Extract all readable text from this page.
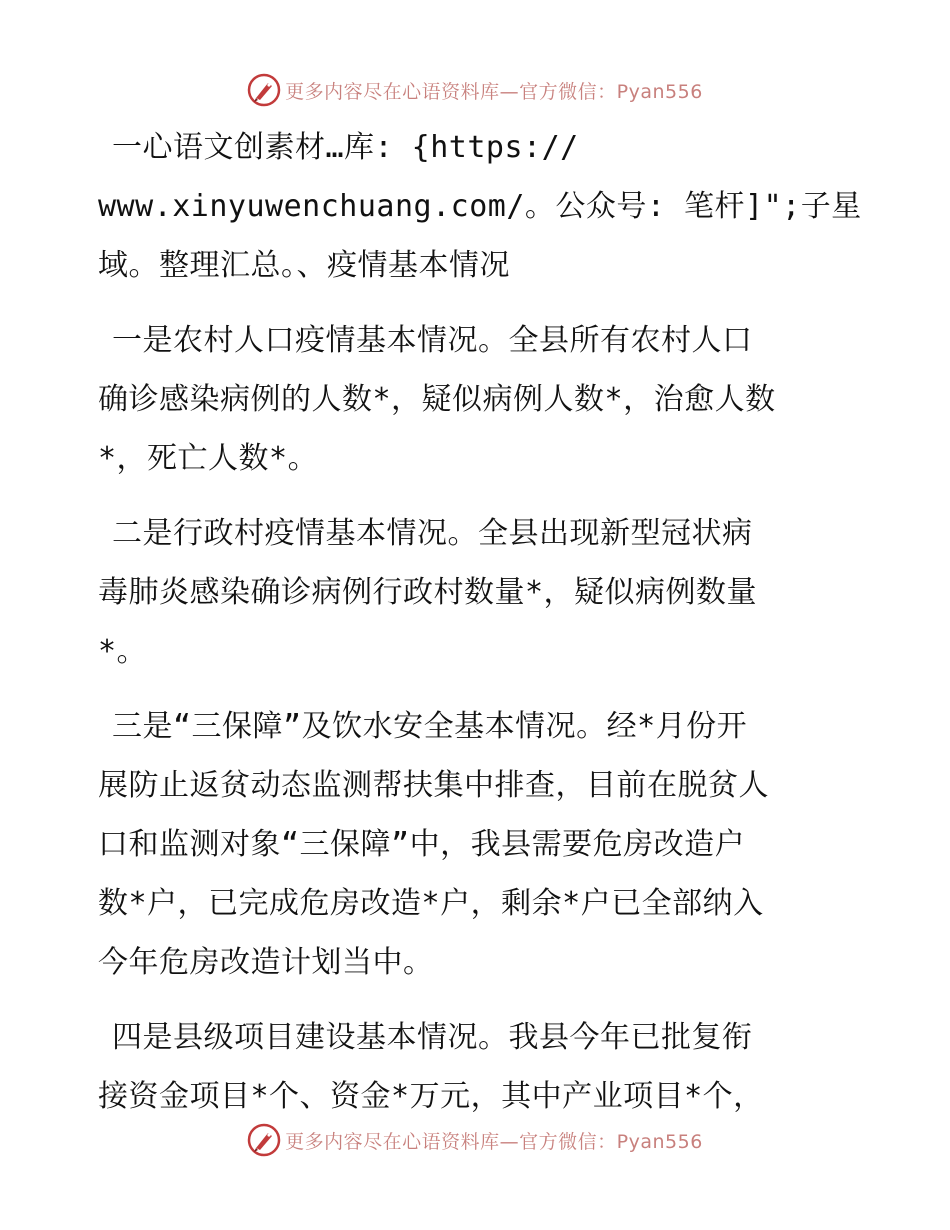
更多内容尽在心语资料库—官方微信：Pyan556

一心语文创素材…库: {https://
www.xinyuwenchuang.com/。公众号: 笔杆]";子星
域。整理汇总。、疫情基本情况

一是农村人口疫情基本情况。全县所有农村人口
确诊感染病例的人数*，疑似病例人数*，治愈人数
*，死亡人数*。

二是行政村疫情基本情况。全县出现新型冠状病
毒肺炎感染确诊病例行政村数量*，疑似病例数量
*。

三是“三保障”及饮水安全基本情况。经*月份开
展防止返贫动态监测帮扶集中排查，目前在脱贫人
口和监测对象“三保障”中，我县需要危房改造户
数*户，已完成危房改造*户，剩余*户已全部纳入
今年危房改造计划当中。

四是县级项目建设基本情况。我县今年已批复衔
接资金项目*个、资金*万元，其中产业项目*个，

更多内容尽在心语资料库—官方微信：Pyan556
